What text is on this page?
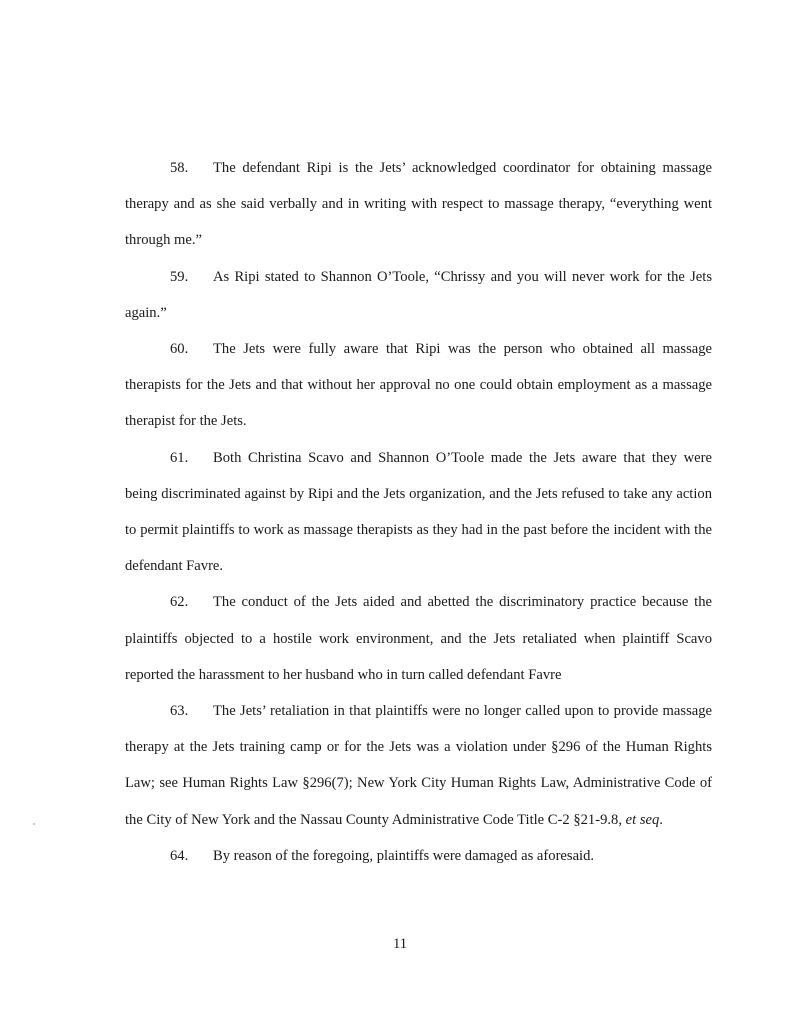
58. The defendant Ripi is the Jets’ acknowledged coordinator for obtaining massage therapy and as she said verbally and in writing with respect to massage therapy, “everything went through me.”

59. As Ripi stated to Shannon O’Toole, “Chrissy and you will never work for the Jets again.”

60. The Jets were fully aware that Ripi was the person who obtained all massage therapists for the Jets and that without her approval no one could obtain employment as a massage therapist for the Jets.

61. Both Christina Scavo and Shannon O’Toole made the Jets aware that they were being discriminated against by Ripi and the Jets organization, and the Jets refused to take any action to permit plaintiffs to work as massage therapists as they had in the past before the incident with the defendant Favre.

62. The conduct of the Jets aided and abetted the discriminatory practice because the plaintiffs objected to a hostile work environment, and the Jets retaliated when plaintiff Scavo reported the harassment to her husband who in turn called defendant Favre

63. The Jets’ retaliation in that plaintiffs were no longer called upon to provide massage therapy at the Jets training camp or for the Jets was a violation under §296 of the Human Rights Law; see Human Rights Law §296(7); New York City Human Rights Law, Administrative Code of the City of New York and the Nassau County Administrative Code Title C-2 §21-9.8, et seq.

64. By reason of the foregoing, plaintiffs were damaged as aforesaid.

11
